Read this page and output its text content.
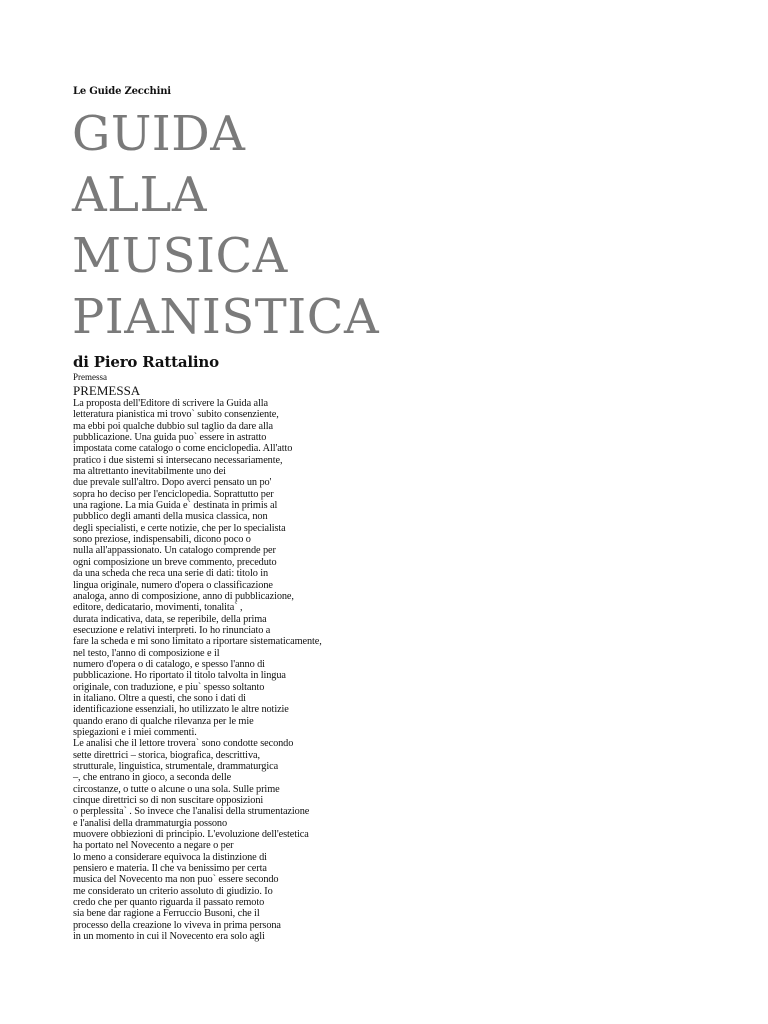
Le Guide Zecchini
GUIDA
ALLA
MUSICA
PIANISTICA
di Piero Rattalino
Premessa
PREMESSA
La proposta dell'Editore di scrivere la Guida alla
letteratura pianistica mi trovo` subito consenziente,
ma ebbi poi qualche dubbio sul taglio da dare alla
pubblicazione. Una guida puo` essere in astratto
impostata come catalogo o come enciclopedia. All'atto
pratico i due sistemi si intersecano necessariamente,
ma altrettanto inevitabilmente uno dei
due prevale sull'altro. Dopo averci pensato un po'
sopra ho deciso per l'enciclopedia. Soprattutto per
una ragione. La mia Guida e` destinata in primis al
pubblico degli amanti della musica classica, non
degli specialisti, e certe notizie, che per lo specialista
sono preziose, indispensabili, dicono poco o
nulla all'appassionato. Un catalogo comprende per
ogni composizione un breve commento, preceduto
da una scheda che reca una serie di dati: titolo in
lingua originale, numero d'opera o classificazione
analoga, anno di composizione, anno di pubblicazione,
editore, dedicatario, movimenti, tonalita` ,
durata indicativa, data, se reperibile, della prima
esecuzione e relativi interpreti. Io ho rinunciato a
fare la scheda e mi sono limitato a riportare sistematicamente,
nel testo, l'anno di composizione e il
numero d'opera o di catalogo, e spesso l'anno di
pubblicazione. Ho riportato il titolo talvolta in lingua
originale, con traduzione, e piu` spesso soltanto
in italiano. Oltre a questi, che sono i dati di
identificazione essenziali, ho utilizzato le altre notizie
quando erano di qualche rilevanza per le mie
spiegazioni e i miei commenti.
Le analisi che il lettore trovera` sono condotte secondo
sette direttrici – storica, biografica, descrittiva,
strutturale, linguistica, strumentale, drammaturgica
–, che entrano in gioco, a seconda delle
circostanze, o tutte o alcune o una sola. Sulle prime
cinque direttrici so di non suscitare opposizioni
o perplessita` . So invece che l'analisi della strumentazione
e l'analisi della drammaturgia possono
muovere obbiezioni di principio. L'evoluzione dell'estetica
ha portato nel Novecento a negare o per
lo meno a considerare equivoca la distinzione di
pensiero e materia. Il che va benissimo per certa
musica del Novecento ma non puo` essere secondo
me considerato un criterio assoluto di giudizio. Io
credo che per quanto riguarda il passato remoto
sia bene dar ragione a Ferruccio Busoni, che il
processo della creazione lo viveva in prima persona
in un momento in cui il Novecento era solo agli
